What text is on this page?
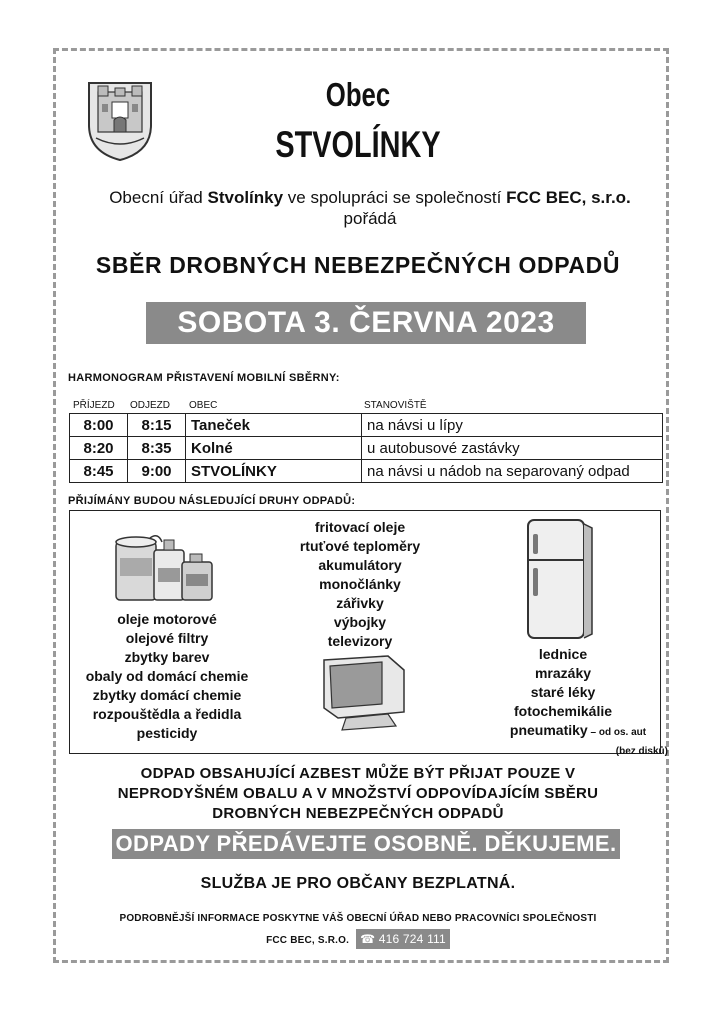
Obec
STVOLÍNKY
Obecní úřad Stvolínky ve spolupráci se společností FCC BEC, s.r.o.
pořádá
SBĚR DROBNÝCH NEBEZPEČNÝCH ODPADŮ
SOBOTA 3. ČERVNA 2023
HARMONOGRAM PŘISTAVENÍ MOBILNÍ SBĚRNY:
PŘÍJEZD ODJEZD OBEC	STANOVIŠTĚ
8:00	8:15	Taneček	na návsi u lípy
8:20	8:35	Kolné	u autobusové zastávky
8:45	9:00	STVOLÍNKY	na návsi u nádob na separovaný odpad
PŘIJÍMÁNY BUDOU NÁSLEDUJÍCÍ DRUHY ODPADŮ:
oleje motorové
olejové filtry
zbytky barev
obaly od domácí chemie
zbytky domácí chemie
rozpouštědla a ředidla
pesticidy
fritovací oleje
rtuťové teploměry
akumulátory
monočlánky
zářivky
výbojky
televizory
lednice
mrazáky
staré léky
fotochemikálie
pneumatiky – od os. aut
(bez disků)
ODPAD OBSAHUJÍCÍ AZBEST MŮŽE BÝT PŘIJAT POUZE V
NEPRODYŠNÉM OBALU A V MNOŽSTVÍ ODPOVÍDAJÍCÍM SBĚRU
DROBNÝCH NEBEZPEČNÝCH ODPADŮ
ODPADY PŘEDÁVEJTE OSOBNĚ. DĚKUJEME.
SLUŽBA JE PRO OBČANY BEZPLATNÁ.
PODROBNĚJŠÍ INFORMACE POSKYTNE VÁŠ OBECNÍ ÚŘAD NEBO PRACOVNÍCI SPOLEČNOSTI
FCC BEC, S.R.O. ☎ 416 724 111
